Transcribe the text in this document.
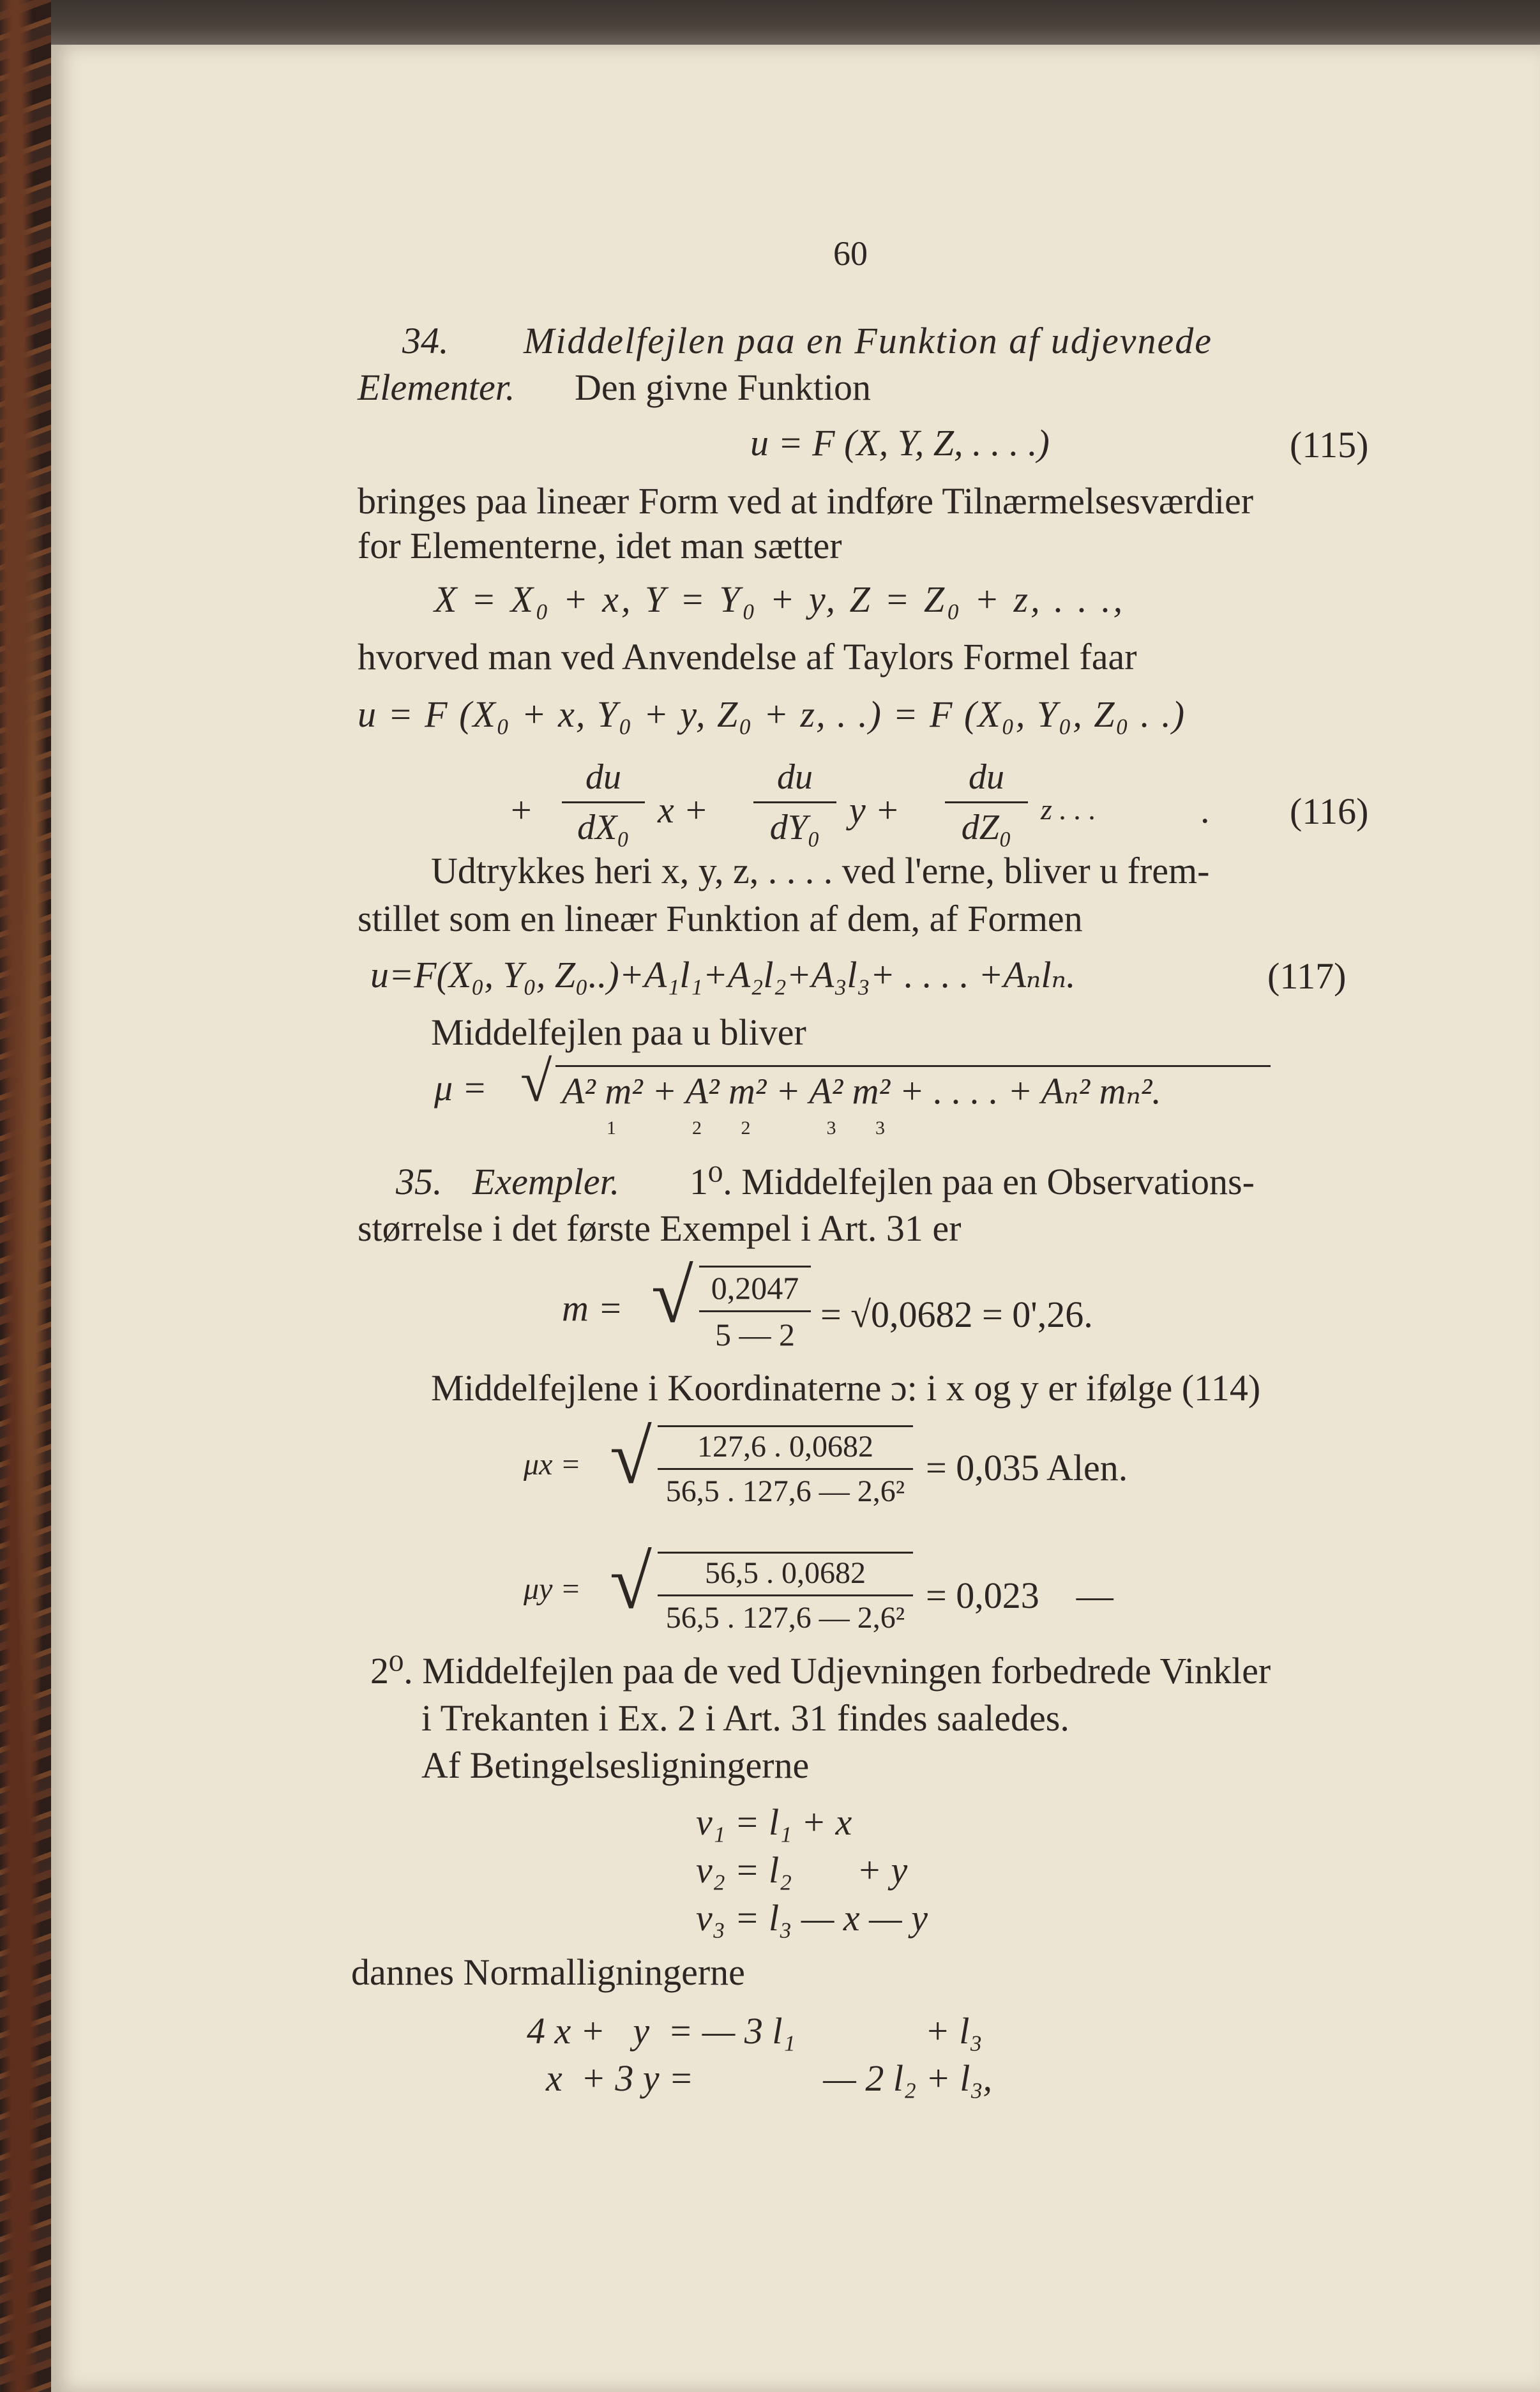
60
34. Middelfejlen paa en Funktion af udjevnede
Elementer. Den givne Funktion
u = F (X, Y, Z, . . . .)	(115)
bringes paa lineær Form ved at indføre Tilnærmelsesværdier
for Elementerne, idet man sætter
X = X₀ + x, Y = Y₀ + y, Z = Z₀ + z, . . .,
hvorved man ved Anvendelse af Taylors Formel faar
u = F (X₀ + x, Y₀ + y, Z₀ + z, . .) = F (X₀, Y₀, Z₀ . .)
+
du
dX₀ x +
du
dY₀ y +
du
dZ₀ z . . .	. (116)
Udtrykkes heri x, y, z, . . . . ved l'erne, bliver u frem-
stillet som en lineær Funktion af dem, af Formen
u=F(X₀, Y₀, Z₀..)+A₁l₁+A₂l₂+A₃l₃+ . . . . +Aₙlₙ.	(117)
Middelfejlen paa u bliver
μ = √ A² m² + A² m² + A² m² + . . . . + Aₙ² mₙ².
1          2     2          3     3
35. Exempler. 1⁰. Middelfejlen paa en Observations-
størrelse i det første Exempel i Art. 31 er
m = √ 0,2047
5 — 2 = √0,0682 = 0',26.
Middelfejlene i Koordinaterne ɔ: i x og y er ifølge (114)
μx = √	127,6 . 0,0682
56,5 . 127,6 — 2,6²
= 0,035 Alen.
μy = √	56,5 . 0,0682
56,5 . 127,6 — 2,6²
= 0,023    —
2⁰. Middelfejlen paa de ved Udjevningen forbedrede Vinkler
i Trekanten i Ex. 2 i Art. 31 findes saaledes.
Af Betingelsesligningerne
v₁ = l₁ + x
v₂ = l₂       + y
v₃ = l₃ — x — y
dannes Normalligningerne
4 x +   y  = — 3 l₁              + l₃
x  + 3 y =              — 2 l₂ + l₃,
